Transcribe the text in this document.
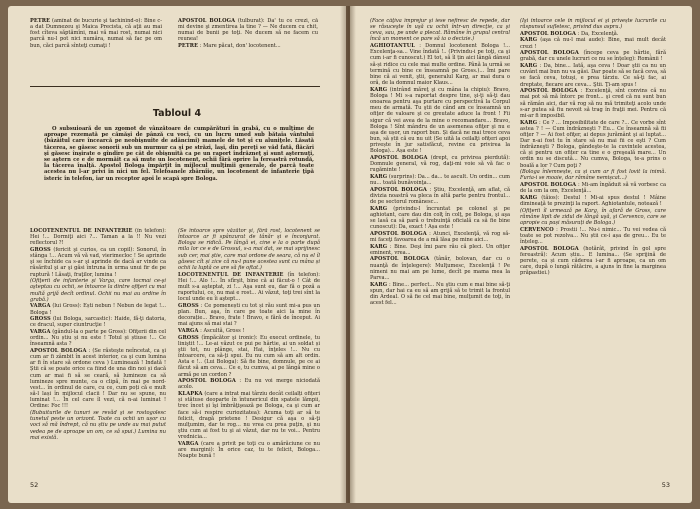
PETRE (amînat de bucurie şi tachinînd-o): Bine c-a dat Dumnezeu şi Maica Precista, că aţii au mai fost cîteva săptămîni, mai vă mai rost, numai nici parcă nu-l pot nici număra, numai să fac pe om bun, căci parcă sînteţi cumaţi !

APOSTOL BOLOGA (tulburat): Da' tu ce crezi, că mi devine şi zmentirea la tine ? — Ne ducem cu chit, numai de bunii pe toţi. Ne ducem să ne facem cu reunea!

PETRE : Mare păcat, don' locotenent...

Tabloul 4

O subsuioară de un zgomot de vânzătoare de cumpărături în grabă, cu o mulţime de aproape rezemată pe cămăşi de pânză cu voci, cu un lucru umed sub bătaia vântului (bâzâitul care încearcă pe neobişnuite de adâncimi) mamele de tot şi cu aluniţele. Lăsată tăcerea, se găsesc sonorii sub un murmur ca şi pe străzi, laşi, din pereţi se văd fată, flăcări şi găsesc înşirate o gîndire pe cât de obişnuită ca pe un raport îndrăzneţ şi sunt aşternuţi, se aştern ce e de mormăit ca să mute un locotenent, ochii fără oprire la fereastră rotundă, la tăcerea înalţă. Apostol Bologa împărţit în mijlocul mulţimii generale, de parcă toate acestea nu l-ar privi în nici un fel. Telefoanele zbârnîie, un locotenent de infanterie ţipă isteric în telefon, iar un receptor apoi le scapă spre Bologa.

LOCOTENENTUL DE INFANTERIE (în telefon): Hei !... Dormiţi aici ?... Taman a la !! Nu vezi reflectorul ?!

GROSS (fericit şi curios, ca un copil): Sonorul, în stânga !... Acum vă vă vad, vierimecloc ! Se aprinde şi se închide ca s-ar şi aprinde de dacă ar vinde ca răsăritul şi ar şi găsi întruna în urma unui fir de pe ruptură ! Lăsaţi, fraţilor, lumina !

(Ofiţerii de infanterie şi Varga, care tocmai ce-şi aşteptau cu ochii, se întoarce la dintre ofiţeri cu mai multă grijă decît ordinul. Ochii nu mai au ordine în grabă.)

VARGA (lui Gross): Ești nebun ! Nebun de legat !... Bologa !

GROSS (lui Bologa, sarcastic): Haide, fă-ţi datoria, ce dracul, super ciuntrucţie !

VARGA (gândul-la o parte pe Gross): Ofiţerii din cel ordin... Nu știu și nu este ! Totul și știuse !... Ce înseamnă asta ?

APOSTOL BOLOGA : (Se răsteşte neîncetat, ca şi cum ar fi zâmbit în acest interior, ca şi cum lumina ar fi în stare să ordone ceva ) Luminează ! Indată ! Știi că se poate orice ca fiind de una din noi și dacă cum ar mai fi să se ceară, să lumineze ca să lumineze spre munte, ca o clipă, în mai pe nord-vest... în ordinul de care, cu ce, cum poți că e mult să-l lași în mijlocul clacii ! Dar nu se spune, nu luminat !... În cel care îl vezi, că n-ai luminat ! Ordine: Foc !!!

(Bubuiturile de tunuri se revăd şi se rostogolesc tunetul peste un orizont. Toate cu ochii un ușor cu voci să mă îndrept, că nu știu pe unde au mai putut vedea pe de aproape un om, ce să spui.) Lumina nu mai există.

(Se întoarce spre văzător şi, fără rost, locotenent se întoarce ar fi spânzurat de tânăr și e înconjurat. Bologa se ridică. Pe lângă ei, cine e la o parte după mila lor ce e de Grossul, s-a mai dat, se mai sprijinesc sub cer, mai ştie, care mai ordone de seara, că nu el îl găsesc cît și zice că nu-l pune acestea sunt cu mâna și ochii la luptă ce are să fie oftat.)

LOCOTENENTUL DE INFANTERIE (în telefon): Hei !... Alo !... În sfîrşit, bine că ai făcut-o ! Cât de mult s-a aşteptat, zi !... Aşa sunt eu, dar fă o poză a raportului, ce, nu mai e rost... Ai văzut, toţi trei sînt la locul unde eu îi aştept...

GROSS : Ce pomenești cu tot și rău sunt mi-a pus un plan. Bun, aşa, în care pe toate aici la mine în decorație... Bravo, frate ! Bravo, e fără de început. Ai mai ajuns să mai stai ?

VARGA : Ascultă, Gross !

GROSS (împăcător şi ironic): Eu execut ordinele, tu liniştit !... Le-ai văzut ce pui pe hârtie, ai un soldat și ştii tot, nu plânge, stai, Hai, înţeles !... Nu cu întoarcere, ca să-ţi spui. Eu nu cum să am alt ordin. Asta e !.. (Lui Bologa): Să fie bine, domnule, pe ce ai făcut să am ceva... Ce e, tu cumva, ai pe lângă mine o armă pe un cordon ?

APOSTOL BOLOGA : Eu nu voi merge niciodată acolo.

KLAPKA (care a intrat mai târziu decât ceilalți ofițeri și stătuse deoparte în întunericul din spatele lămpii, trec încet și îşi îmbrăţişează pe Bologa, ca şi cum ar face să-i respire curiozitatea): Acuma toţi ar să te felicit, dragă prietene ! Desigur că aşa o să-ţi mulţumim, dar te rog... nu vrea cu prea puţin, şi nu ştiu cum ai fost tu şi ai văzut, dar nu te voi... Pentru vrednicia...

VARGA (care a privit pe toţi cu o amărăciune ce nu are margini): În orice caz, tu te felicit, Bologa... Noapte bună !

52

(Face câţiva împrejur şi iese nefiresc de repede, dar se răsuceşte în uşă cu ochii într-un direcţie, ca şi ceva, sau, pe unde a plecat. Rămâne în grupul central încă un moment ce pare să ia o decizie.)

AGHIOTANTUL : Domnul locotenent Bologa !... Excelenţa-sa... Vine îndată !.. (Privindu-i pe toţi, ca şi cum i-ar fi cunoscut.) El tot, să îl țin aici lângă dânsul să-și ridice cu cele mai multe ordine. Până la urmă se termină cu bine ce înseamnă pe Gross.)... Îmi pare bine că ai venit, ştii, generalul Karg, ar mai dura o oră, de la domnul maior Klaus...

KARG (intrând măreţ şi cu mâna la chipiu): Bravo, Bologa ! Mi s-a raportat despre tine, şi-ţi să-ţi dau onoarea pentru aşa purtare cu perspectivă la Corpul meu de armată. Tu ştii de când am ce înseamnă un ofiţer de valoare şi ce greutate aduce la front ! Fii sigur că vei avea de la mine o recomandare... Bravo, Bologa ! Sînt mândru de un asemenea ofiţer şi nu e așa de ușor, un raport bun. Și dacă ne mai trece ceva bun, să știi că eu nu uit (Se uită la ceilalţi ofițeri apoi privește în jur satisfăcut, revine cu privirea la Bologa)... Așa este !

APOSTOL BOLOGA (drept, cu privirea pierdută): Domnule general, vă rog, daţi-mi voie să vă fac o rugăminte !

KARG (surprins): Da... da... te ascult. Un ordin... cum nu... toată bunăvoinţa...

APOSTOL BOLOGA : Ştiu, Excelenţă, am aflat, că divizia noastră va pleca în altă parte pentru frontul... de pe sectorul românesc...

KARG (privindu-l încruntat pe colonel şi pe aghiotant, care dau din colţ în colţ, pe Bologa, şi aşa se lasă ca să pară o trebuinţă oficială ca să fie bine cunoscut): Da, exact ! Așa este !

APOSTOL BOLOGA : Atunci, Excelenţă, vă rog să-mi faceţi favoarea de a mă lăsa pe mine aici...

KARG : Bine. Deşi îmi pare rău că pleci. Un ofiţer eminent, vrea...

APOSTOL BOLOGA (tânăr, bolovan, dar cu o nuanţă de înţelegere): Mulţumesc, Excelenţă ! Pe nimeni nu mai am pe lume, decît pe mama mea la Parva...

KARG : Bine... perfect... Nu ştiu cum e mai bine să-ţi spun, dar hai ca eu să am grijă să te trimit la frontul din Ardeal. O să fie cel mai bine, mulţumit de toţi, în acest fel...

(Îşi întoarce cele în mijlocul ei şi privește lucrurile cu răspunsul sufletesc, privind dus aspru.)

APOSTOL BOLOGA : Da, Excelenţă.

KARG (aşa că nu-l mai aude): Bine, mai mult decât crezi !

APOSTOL BOLOGA (începe ceva pe hârtie, fără grabă, dar cu unele lucruri ce nu se înțeleg): Românii !

KARG : Da, bine... Iată, aşa ceva ! Doar ştii ca nu un cuvânt mai bun nu va găsi. Dar poate să se facă ceva, să se facă ceva, totuşi, e prea târziu. Ce să-ţi fac, ai dreptate, fiecare are ceva... Ştii. Ţi-am spus !

APOSTOL BOLOGA : Excelenţă, sînt convins că nu mai pot să mă întorc pe front... şi cred că nu sunt bun să rămân aici, dar vă rog să nu mă trimiteţi acolo unde s-ar putea să fiu nevoit să trag în fraţii mei. Pentru că mi-ar fi imposibil.

KARG : Ce ? ... Imposibilitate de care ?... Ce vorbe sînt astea ? ! — Cum îndrăzneşti ? Eu... Ce înseamnă să fii ofiţer ? — Ai fost ofiţer, ai depus jurământ şi ai luptat... Dar n-ai fost tu în stare să nu mai fii ce eşti ? Cum îndrăzneşti ? Bologa, gândeşte-te la cuvintele acestea, că și pentru un ofițer ca tine e o greşeală mare... Un ordin nu se discută... Nu cumva, Bologa, te-a prins o boală a lor ? Cum poţi ?

(Bologa înlemnește, ca și cum ar fi fost lovit la inimă. Furia-i se moaie, dar rămâne nemișcat...)

APOSTOL BOLOGA : Mi-am îngăduit să vă vorbesc ca de la om la om, Excelenţă...

KARG (tăios): Destul ! Mi-ai spus destul ! Mâine dimineaţă te prezinţi la raport. Aghiotantule, notează !

(Ofiţerii îl urmează pe Karg, în afară de Gross, care rămâne lipit de zidul de lângă uşă, şi Cervenco, care se apropie cu pași măsurați de Bologa.)

CERVENCO : Prostii !... Nu-i nimic... Tu vei vedea că toate se pot rezolva... Nu știi ce-i așa de greu... Eu te înțeleg...

APOSTOL BOLOGA (hotărât, privind în gol spre fereastră): Acum știu... E lumina... (Se sprijină de perete, ca și cum căderea i-ar fi aproape, ca un om care, după o lungă rătăcire, a ajuns în fine la marginea prăpastiei.)

53
